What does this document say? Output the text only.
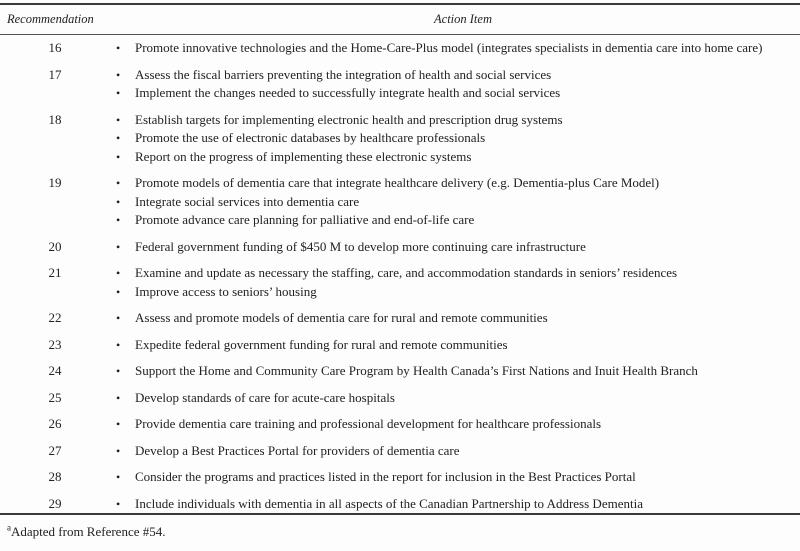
Recommendation	Action Item
16	•	Promote innovative technologies and the Home-Care-Plus model (integrates specialists in dementia care into home care)
17	•	Assess the fiscal barriers preventing the integration of health and social services
•	Implement the changes needed to successfully integrate health and social services
18	•	Establish targets for implementing electronic health and prescription drug systems
•	Promote the use of electronic databases by healthcare professionals
•	Report on the progress of implementing these electronic systems
19	•	Promote models of dementia care that integrate healthcare delivery (e.g. Dementia-plus Care Model)
•	Integrate social services into dementia care
•	Promote advance care planning for palliative and end-of-life care
20	•	Federal government funding of $450 M to develop more continuing care infrastructure
21	•	Examine and update as necessary the staffing, care, and accommodation standards in seniors’ residences
•	Improve access to seniors’ housing
22	•	Assess and promote models of dementia care for rural and remote communities
23	•	Expedite federal government funding for rural and remote communities
24	•	Support the Home and Community Care Program by Health Canada’s First Nations and Inuit Health Branch
25	•	Develop standards of care for acute-care hospitals
26	•	Provide dementia care training and professional development for healthcare professionals
27	•	Develop a Best Practices Portal for providers of dementia care
28	•	Consider the programs and practices listed in the report for inclusion in the Best Practices Portal
29	•	Include individuals with dementia in all aspects of the Canadian Partnership to Address Dementia
$^a$Adapted from Reference #54.
